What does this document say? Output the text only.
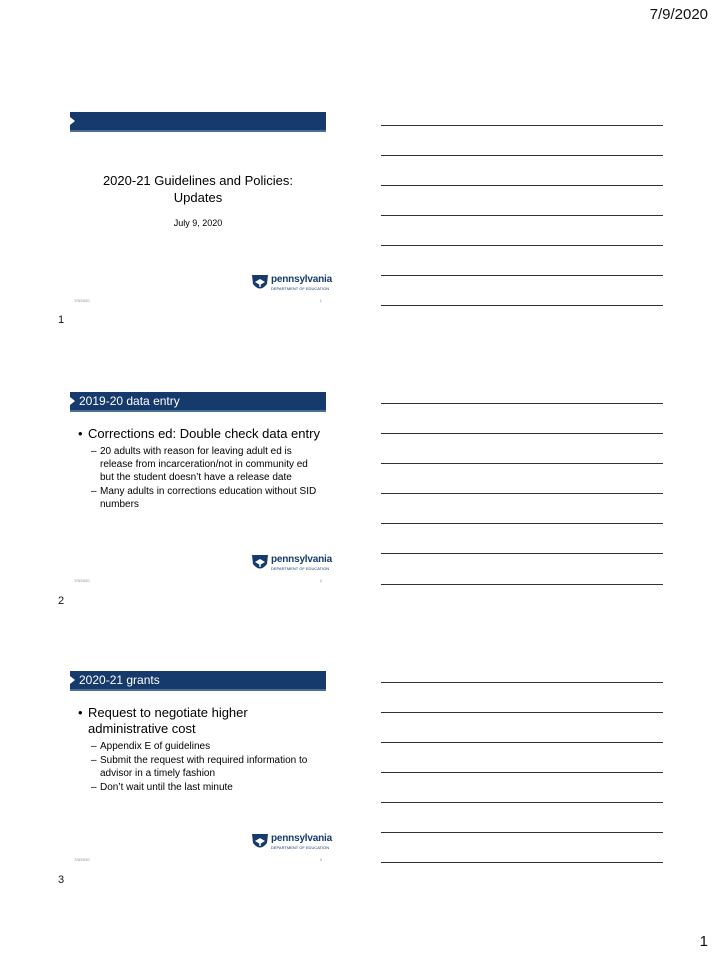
7/9/2020
2020-21 Guidelines and Policies:
Updates
July 9, 2020
pennsylvania
DEPARTMENT OF EDUCATION
7/9/2020	1
1
2019-20 data entry
• Corrections ed: Double check data entry
– 20 adults with reason for leaving adult ed is release from incarceration/not in community ed but the student doesn’t have a release date
– Many adults in corrections education without SID numbers
pennsylvania
DEPARTMENT OF EDUCATION
7/9/2020	2
2
2020-21 grants
• Request to negotiate higher administrative cost
– Appendix E of guidelines
– Submit the request with required information to advisor in a timely fashion
– Don’t wait until the last minute
pennsylvania
DEPARTMENT OF EDUCATION
7/9/2020	3
3
1
